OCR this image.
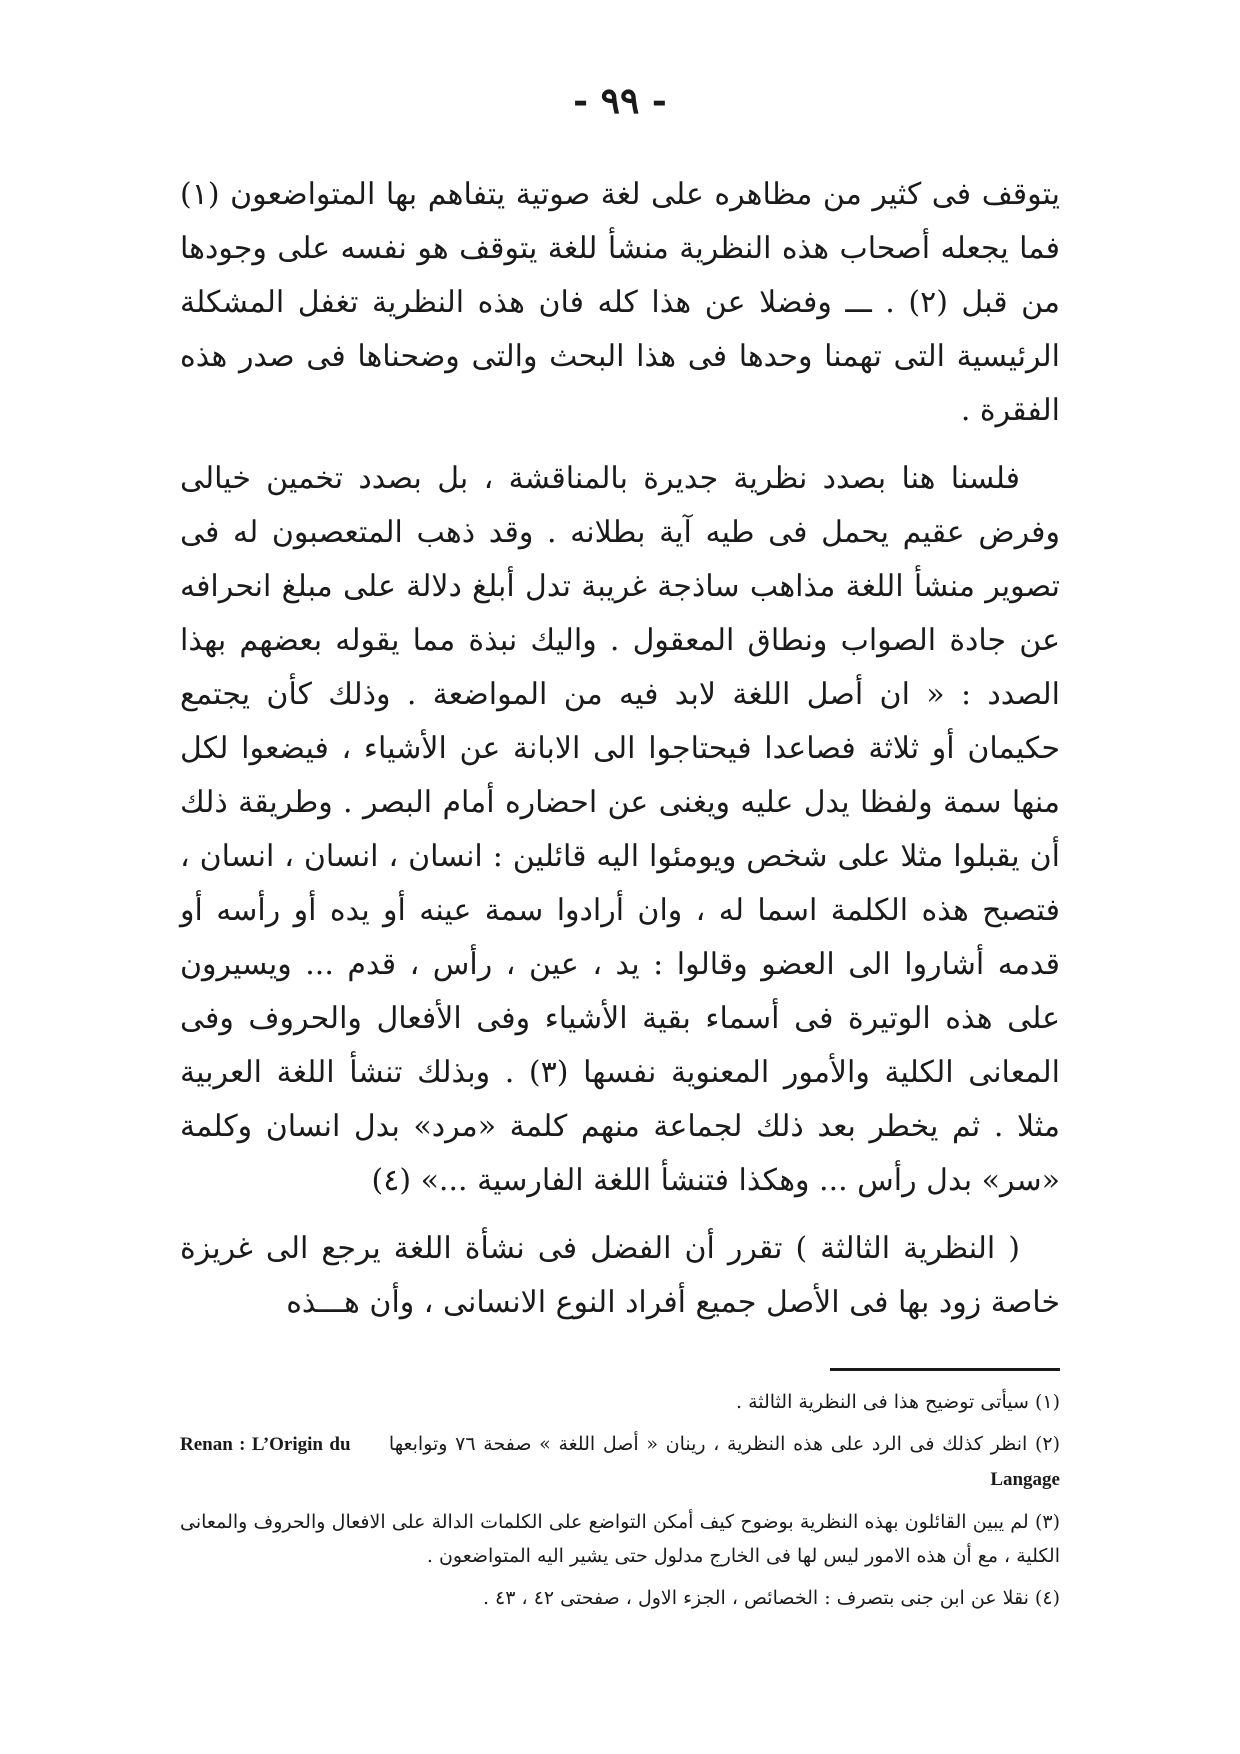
- ٩٩ -

يتوقف فى كثير من مظاهره على لغة صوتية يتفاهم بها المتواضعون (١) فما يجعله أصحاب هذه النظرية منشأ للغة يتوقف هو نفسه على وجودها من قبل (٢) . ـــ وفضلا عن هذا كله فان هذه النظرية تغفل المشكلة الرئيسية التى تهمنا وحدها فى هذا البحث والتى وضحناها فى صدر هذه الفقرة .

فلسنا هنا بصدد نظرية جديرة بالمناقشة ، بل بصدد تخمين خيالى وفرض عقيم يحمل فى طيه آية بطلانه . وقد ذهب المتعصبون له فى تصوير منشأ اللغة مذاهب ساذجة غريبة تدل أبلغ دلالة على مبلغ انحرافه عن جادة الصواب ونطاق المعقول . واليك نبذة مما يقوله بعضهم بهذا الصدد : « ان أصل اللغة لابد فيه من المواضعة . وذلك كأن يجتمع حكيمان أو ثلاثة فصاعدا فيحتاجوا الى الابانة عن الأشياء ، فيضعوا لكل منها سمة ولفظا يدل عليه ويغنى عن احضاره أمام البصر . وطريقة ذلك أن يقبلوا مثلا على شخص ويومئوا اليه قائلين : انسان ، انسان ، انسان ، فتصبح هذه الكلمة اسما له ، وان أرادوا سمة عينه أو يده أو رأسه أو قدمه أشاروا الى العضو وقالوا : يد ، عين ، رأس ، قدم ... ويسيرون على هذه الوتيرة فى أسماء بقية الأشياء وفى الأفعال والحروف وفى المعانى الكلية والأمور المعنوية نفسها (٣) . وبذلك تنشأ اللغة العربية مثلا . ثم يخطر بعد ذلك لجماعة منهم كلمة «مرد» بدل انسان وكلمة «سر» بدل رأس ... وهكذا فتنشأ اللغة الفارسية ...» (٤)

( النظرية الثالثة ) تقرر أن الفضل فى نشأة اللغة يرجع الى غريزة خاصة زود بها فى الأصل جميع أفراد النوع الانسانى ، وأن هـــذه

(١) سيأتى توضيح هذا فى النظرية الثالثة .

(٢) انظر كذلك فى الرد على هذه النظرية ، رينان « أصل اللغة » صفحة ٧٦ وتوابعها     Renan : L’Origin du Langage

(٣) لم يبين القائلون بهذه النظرية بوضوح كيف أمكن التواضع على الكلمات الدالة على الافعال والحروف والمعانى الكلية ، مع أن هذه الامور ليس لها فى الخارج مدلول حتى يشير اليه المتواضعون .

(٤) نقلا عن ابن جنى بتصرف : الخصائص ، الجزء الاول ، صفحتى ٤٢ ، ٤٣ .
